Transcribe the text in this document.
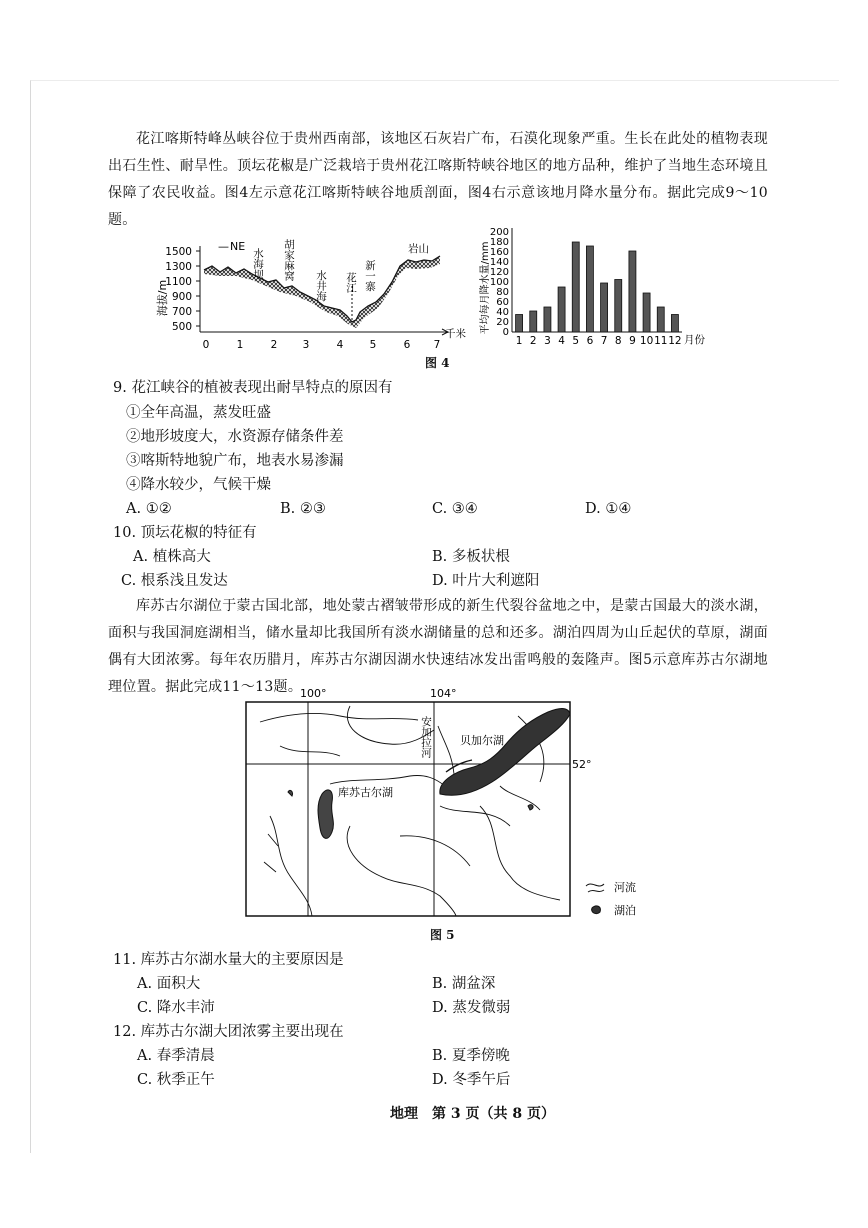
花江喀斯特峰丛峡谷位于贵州西南部，该地区石灰岩广布，石漠化现象严重。生长在此处的植物表现出石生性、耐旱性。顶坛花椒是广泛栽培于贵州花江喀斯特峡谷地区的地方品种，维护了当地生态环境且保障了农民收益。图4左示意花江喀斯特峡谷地质剖面，图4右示意该地月降水量分布。据此完成9～10题。
海拔/m
1500
1300
1100
900
700
500
— NE
水海坝 胡家麻窝
水井海 花江 新一寨
岩山
0	1	2 3	4	5	6 7
千米 平均每月降水量/mm
200
180
160
140
120
100
80
60
40
20
0
1 2 3 4 5 6 7 8 9 10 11 12 月份
图 4
9. 花江峡谷的植被表现出耐旱特点的原因有
①全年高温，蒸发旺盛
②地形坡度大，水资源存储条件差
③喀斯特地貌广布，地表水易渗漏
④降水较少，气候干燥
A. ①②	B. ②③	C. ③④	D. ①④
10. 顶坛花椒的特征有
A. 植株高大	B. 多板状根
C. 根系浅且发达	D. 叶片大利遮阳
库苏古尔湖位于蒙古国北部，地处蒙古褶皱带形成的新生代裂谷盆地之中，是蒙古国最大的淡水湖，面积与我国洞庭湖相当，储水量却比我国所有淡水湖储量的总和还多。湖泊四周为山丘起伏的草原，湖面偶有大团浓雾。每年农历腊月，库苏古尔湖因湖水快速结冰发出雷鸣般的轰隆声。图5示意库苏古尔湖地理位置。据此完成11～13题。
100°	104°
52°
安加拉河	贝加尔湖
库苏古尔湖
河流
湖泊
图 5
11. 库苏古尔湖水量大的主要原因是
A. 面积大	B. 湖盆深
C. 降水丰沛	D. 蒸发微弱
12. 库苏古尔湖大团浓雾主要出现在
A. 春季清晨	B. 夏季傍晚
C. 秋季正午	D. 冬季午后
地理　第 3 页（共 8 页）
